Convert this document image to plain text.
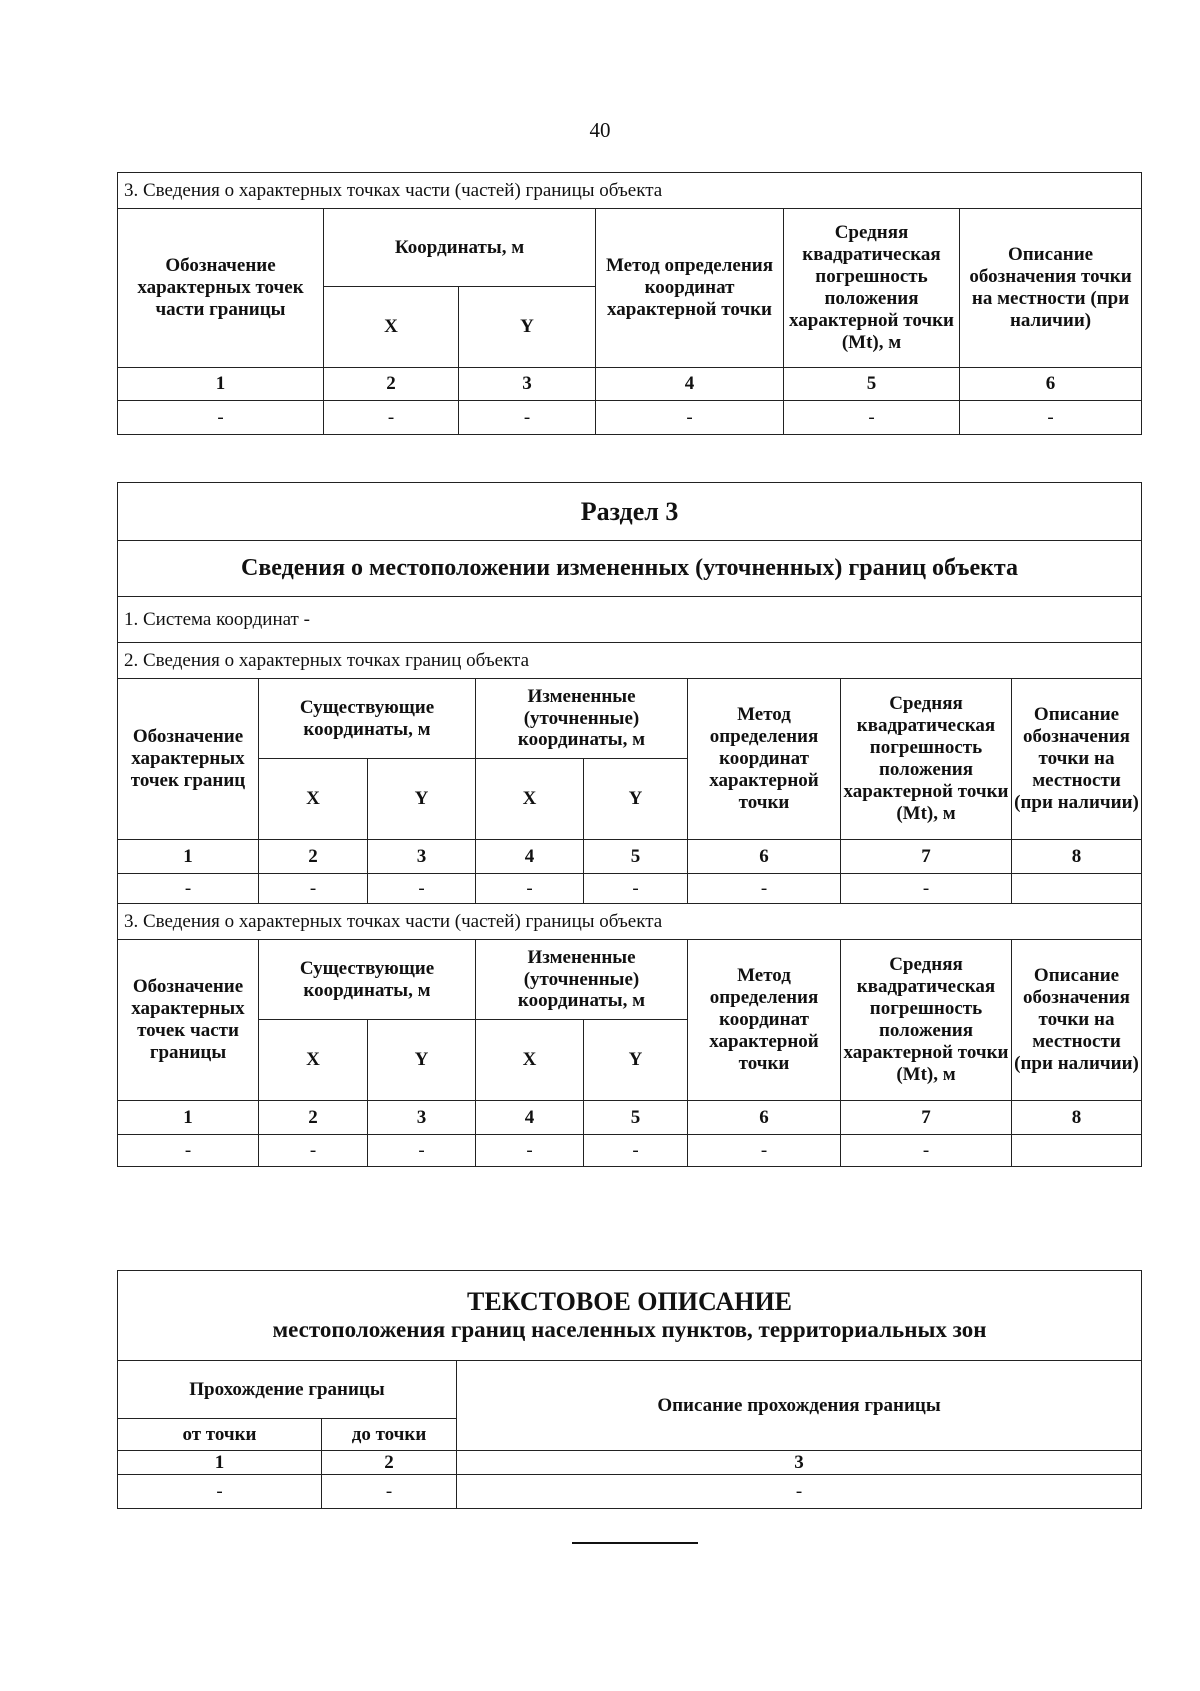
40
3. Сведения о характерных точках части (частей) границы объекта					
Обозначение характерных точек части границы	Координаты, м		Метод определения координат характерной точки	Средняя квадратическая погрешность положения характерной точки (Mt), м	Описание обозначения точки на местности (при наличии)
	X	Y			
1	2	3	4	5	6
-	-	-	-	-	-
Раздел 3							
Сведения о местоположении измененных (уточненных) границ объекта							
1. Система координат -							
2. Сведения о характерных точках границ объекта							
Обозначение характерных точек границ	Существующие координаты, м		Измененные (уточненные) координаты, м		Метод определения координат характерной точки	Средняя квадратическая погрешность положения характерной точки (Mt), м	Описание обозначения точки на местности (при наличии)
	X	Y	X	Y			
1	2	3	4	5	6	7	8
-	-	-	-	-	-	-	
3. Сведения о характерных точках части (частей) границы объекта							
Обозначение характерных точек части границы	Существующие координаты, м		Измененные (уточненные) координаты, м		Метод определения координат характерной точки	Средняя квадратическая погрешность положения характерной точки (Mt), м	Описание обозначения точки на местности (при наличии)
	X	Y	X	Y			
1	2	3	4	5	6	7	8
-	-	-	-	-	-	-	
ТЕКСТОВОЕ ОПИСАНИЕ
местоположения границ населенных пунктов, территориальных зон		

Прохождение границы		Описание прохождения границы
от точки	до точки	
1	2	3
-	-	-
